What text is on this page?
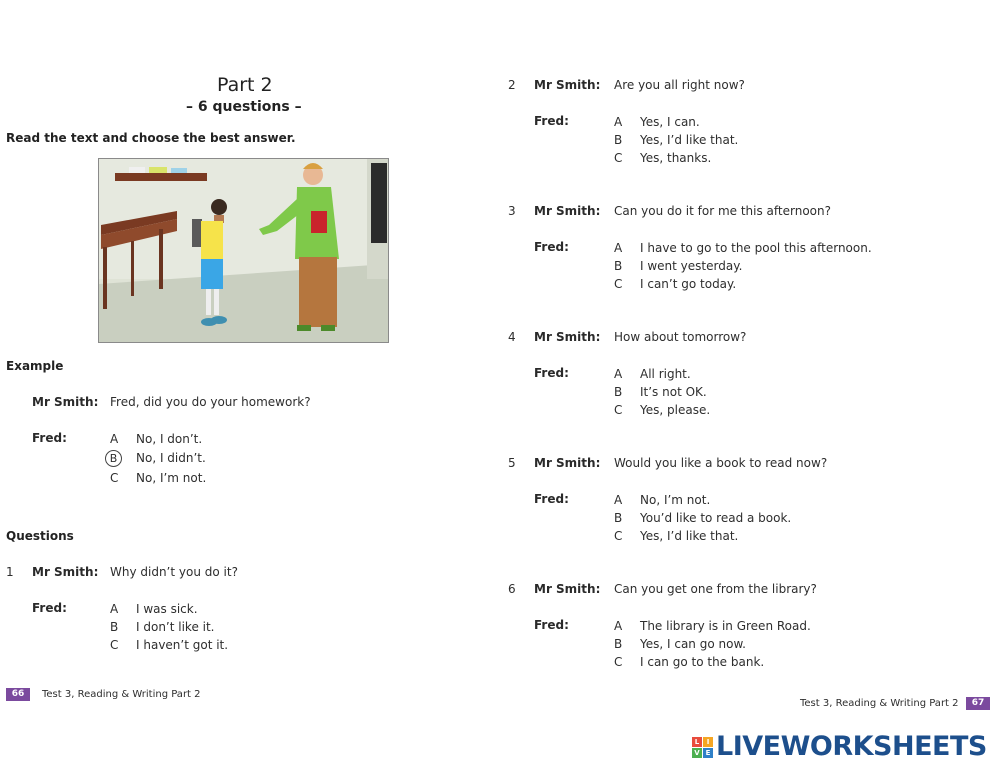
Part 2
– 6 questions –
Read the text and choose the best answer.
Example
Mr Smith: Fred, did you do your homework?
Fred:	A No, I don’t.
B	No, I didn’t.
C No, I’m not.
Questions
1 Mr Smith: Why didn’t you do it?
Fred:	A I was sick.
B I don’t like it.
C I haven’t got it.
66	Test 3, Reading & Writing Part 2
2 Mr Smith: Are you all right now?
Fred:	A Yes, I can.
B Yes, I’d like that.
C Yes, thanks.
3 Mr Smith: Can you do it for me this afternoon?
Fred:	A I have to go to the pool this afternoon.
B I went yesterday.
C I can’t go today.
4 Mr Smith: How about tomorrow?
Fred:	A All right.
B It’s not OK.
C Yes, please.
5 Mr Smith: Would you like a book to read now?
Fred:	A No, I’m not.
B You’d like to read a book.
C Yes, I’d like that.
6 Mr Smith: Can you get one from the library?
Fred:	A The library is in Green Road.
B Yes, I can go now.
C I can go to the bank.
Test 3, Reading & Writing Part 2	67
L	I
V E LIVEWORKSHEETS
